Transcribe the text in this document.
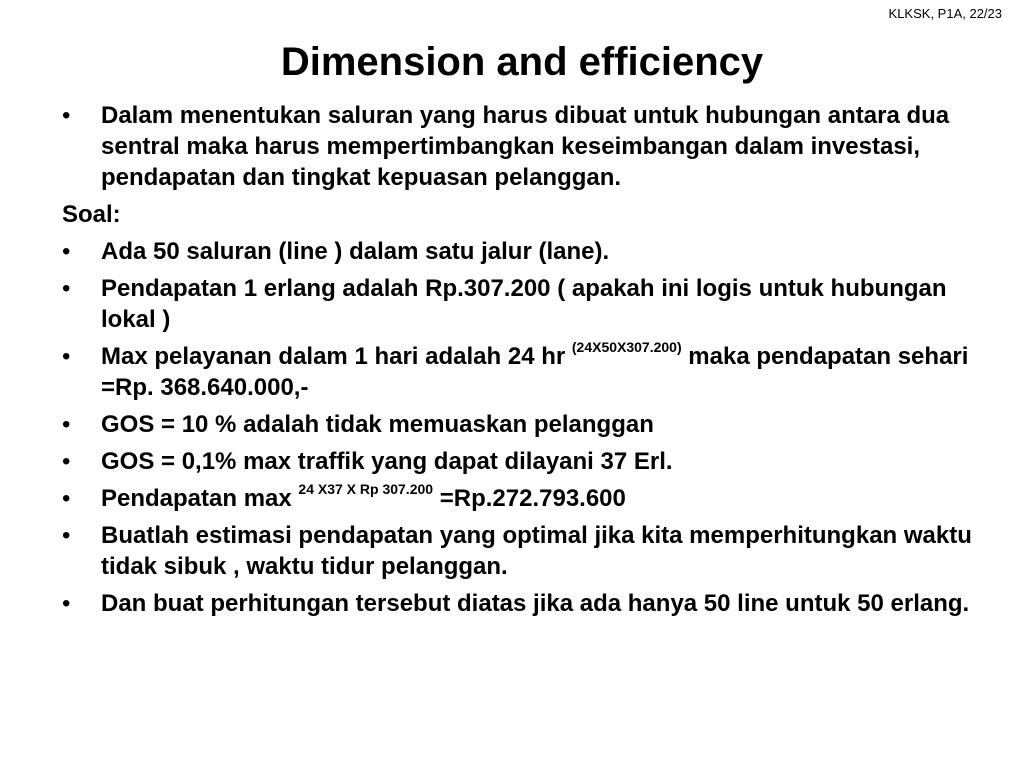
KLKSK, P1A, 22/23
Dimension and efficiency
• Dalam menentukan saluran yang harus dibuat untuk hubungan antara dua sentral maka harus mempertimbangkan keseimbangan dalam investasi, pendapatan dan tingkat kepuasan pelanggan.
Soal:
• Ada 50 saluran (line ) dalam satu jalur (lane).
• Pendapatan 1 erlang adalah Rp.307.200 ( apakah ini logis untuk hubungan lokal )
• Max pelayanan dalam 1 hari adalah 24 hr $^{(24X50X307.200)}$ maka pendapatan sehari =Rp. 368.640.000,-
• GOS = 10 % adalah tidak memuaskan pelanggan
• GOS = 0,1% max traffik yang dapat dilayani 37 Erl.
• Pendapatan max $^{24 X37 X Rp 307.200}$ =Rp.272.793.600
• Buatlah estimasi pendapatan yang optimal jika kita memperhitungkan waktu tidak sibuk , waktu tidur pelanggan.
• Dan buat perhitungan tersebut diatas jika ada hanya 50 line untuk 50 erlang.
